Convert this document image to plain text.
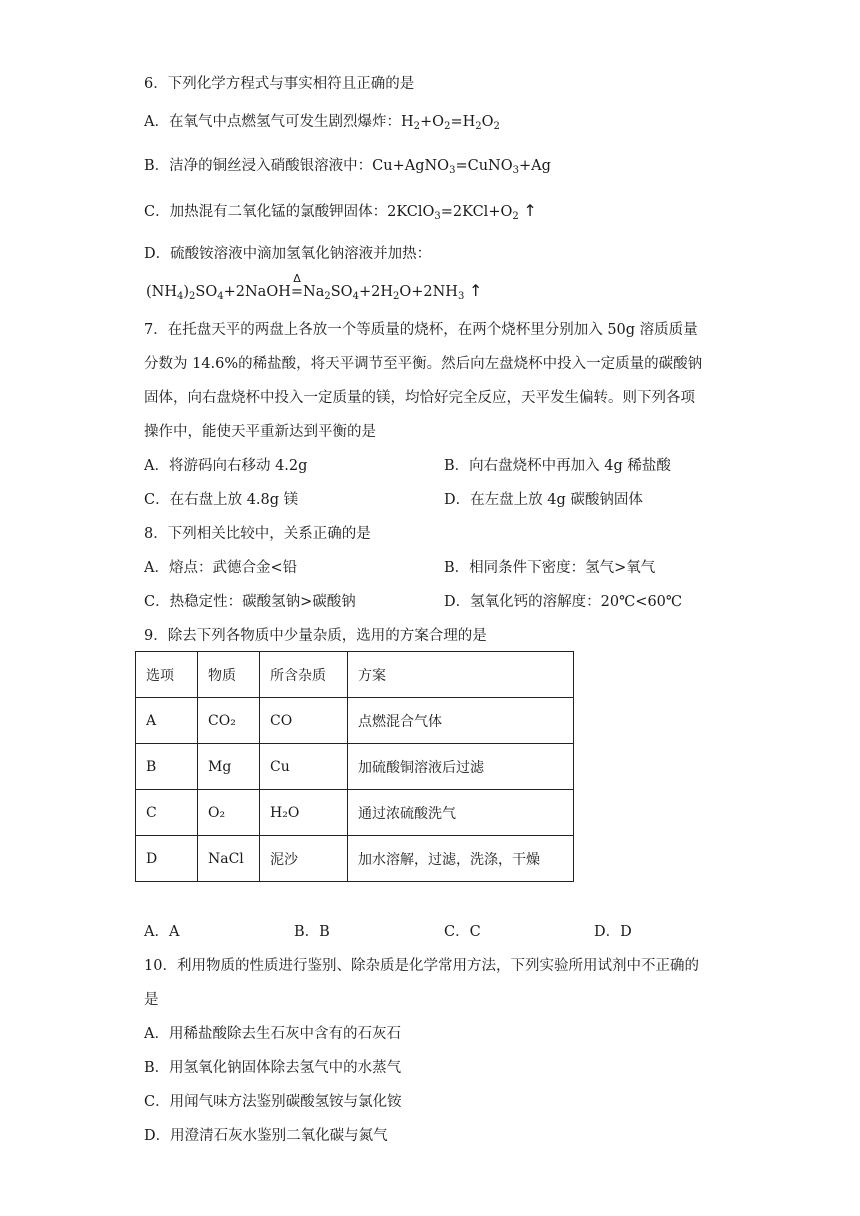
6．下列化学方程式与事实相符且正确的是
A．在氧气中点燃氢气可发生剧烈爆炸：$H_2+O_2=H_2O_2$
B．洁净的铜丝浸入硝酸银溶液中：Cu+AgNO$_3$=CuNO$_3$+Ag
C．加热混有二氧化锰的氯酸钾固体：$2KClO_3=2KCl+O_2$ ↑
D．硫酸铵溶液中滴加氢氧化钠溶液并加热：
$(NH_4)_2SO_4+2NaOH$
Δ
$=Na_2SO_4+2H_2O+2NH_3$ ↑
7．在托盘天平的两盘上各放一个等质量的烧杯，在两个烧杯里分别加入 50g 溶质质量
分数为 14.6%的稀盐酸，将天平调节至平衡。然后向左盘烧杯中投入一定质量的碳酸钠
固体，向右盘烧杯中投入一定质量的镁，均恰好完全反应，天平发生偏转。则下列各项
操作中，能使天平重新达到平衡的是
A．将游码向右移动 4.2g	B．向右盘烧杯中再加入 4g 稀盐酸
C．在右盘上放 4.8g 镁	D．在左盘上放 4g 碳酸钠固体
8．下列相关比较中，关系正确的是
A．熔点：武德合金<铅	B．相同条件下密度：氢气>氧气
C．热稳定性：碳酸氢钠>碳酸钠	D．氢氧化钙的溶解度：20℃<60℃
9．除去下列各物质中少量杂质，选用的方案合理的是
选项	物质	所含杂质	方案
A	CO₂	CO	点燃混合气体
B	Mg	Cu	加硫酸铜溶液后过滤
C	O₂	H₂O	通过浓硫酸洗气
D	NaCl	泥沙	加水溶解，过滤，洗涤，干燥
A．A	B．B	C．C	D．D
10．利用物质的性质进行鉴别、除杂质是化学常用方法，下列实验所用试剂中不正确的
是
A．用稀盐酸除去生石灰中含有的石灰石
B．用氢氧化钠固体除去氢气中的水蒸气
C．用闻气味方法鉴别碳酸氢铵与氯化铵
D．用澄清石灰水鉴别二氧化碳与氮气
